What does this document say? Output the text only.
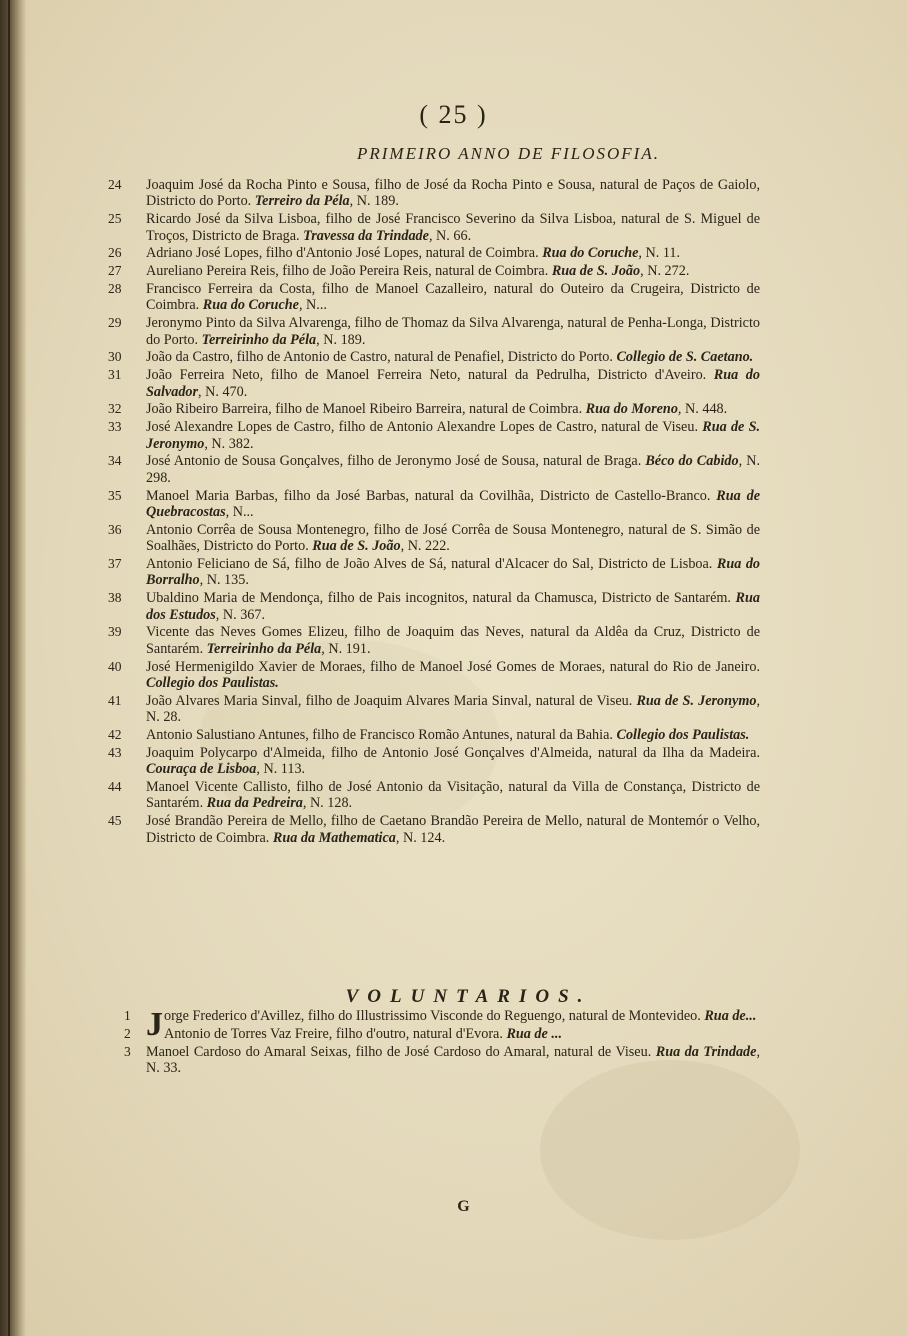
( 25 )
PRIMEIRO ANNO DE FILOSOFIA.
24	Joaquim José da Rocha Pinto e Sousa, filho de José da Rocha Pinto e Sousa, natural de Paços de Gaiolo, Districto do Porto. Terreiro da Péla, N. 189.
25	Ricardo José da Silva Lisboa, filho de José Francisco Severino da Silva Lisboa, natural de S. Miguel de Troços, Districto de Braga. Travessa da Trindade, N. 66.
26	Adriano José Lopes, filho d'Antonio José Lopes, natural de Coimbra. Rua do Coruche, N. 11.
27	Aureliano Pereira Reis, filho de João Pereira Reis, natural de Coimbra. Rua de S. João, N. 272.
28	Francisco Ferreira da Costa, filho de Manoel Cazalleiro, natural do Outeiro da Crugeira, Districto de Coimbra. Rua do Coruche, N...
29	Jeronymo Pinto da Silva Alvarenga, filho de Thomaz da Silva Alvarenga, natural de Penha-Longa, Districto do Porto. Terreirinho da Péla, N. 189.
30	João da Castro, filho de Antonio de Castro, natural de Penafiel, Districto do Porto. Collegio de S. Caetano.
31	João Ferreira Neto, filho de Manoel Ferreira Neto, natural da Pedrulha, Districto d'Aveiro. Rua do Salvador, N. 470.
32	João Ribeiro Barreira, filho de Manoel Ribeiro Barreira, natural de Coimbra. Rua do Moreno, N. 448.
33	José Alexandre Lopes de Castro, filho de Antonio Alexandre Lopes de Castro, natural de Viseu. Rua de S. Jeronymo, N. 382.
34	José Antonio de Sousa Gonçalves, filho de Jeronymo José de Sousa, natural de Braga. Béco do Cabido, N. 298.
35	Manoel Maria Barbas, filho da José Barbas, natural da Covilhãa, Districto de Castello-Branco. Rua de Quebracostas, N...
36	Antonio Corrêa de Sousa Montenegro, filho de José Corrêa de Sousa Montenegro, natural de S. Simão de Soalhães, Districto do Porto. Rua de S. João, N. 222.
37	Antonio Feliciano de Sá, filho de João Alves de Sá, natural d'Alcacer do Sal, Districto de Lisboa. Rua do Borralho, N. 135.
38	Ubaldino Maria de Mendonça, filho de Pais incognitos, natural da Chamusca, Districto de Santarém. Rua dos Estudos, N. 367.
39	Vicente das Neves Gomes Elizeu, filho de Joaquim das Neves, natural da Aldêa da Cruz, Districto de Santarém. Terreirinho da Péla, N. 191.
40	José Hermenigildo Xavier de Moraes, filho de Manoel José Gomes de Moraes, natural do Rio de Janeiro. Collegio dos Paulistas.
41	João Alvares Maria Sinval, filho de Joaquim Alvares Maria Sinval, natural de Viseu. Rua de S. Jeronymo, N. 28.
42	Antonio Salustiano Antunes, filho de Francisco Romão Antunes, natural da Bahia. Collegio dos Paulistas.
43	Joaquim Polycarpo d'Almeida, filho de Antonio José Gonçalves d'Almeida, natural da Ilha da Madeira. Couraça de Lisboa, N. 113.
44	Manoel Vicente Callisto, filho de José Antonio da Visitação, natural da Villa de Constança, Districto de Santarém. Rua da Pedreira, N. 128.
45	José Brandão Pereira de Mello, filho de Caetano Brandão Pereira de Mello, natural de Montemór o Velho, Districto de Coimbra. Rua da Mathematica, N. 124.
VOLUNTARIOS.
1 Jorge Frederico d'Avillez, filho do Illustrissimo Visconde do Reguengo, natural de Montevideo. Rua de...
2	Antonio de Torres Vaz Freire, filho d'outro, natural d'Evora. Rua de ...
3	Manoel Cardoso do Amaral Seixas, filho de José Cardoso do Amaral, natural de Viseu. Rua da Trindade, N. 33.
G
